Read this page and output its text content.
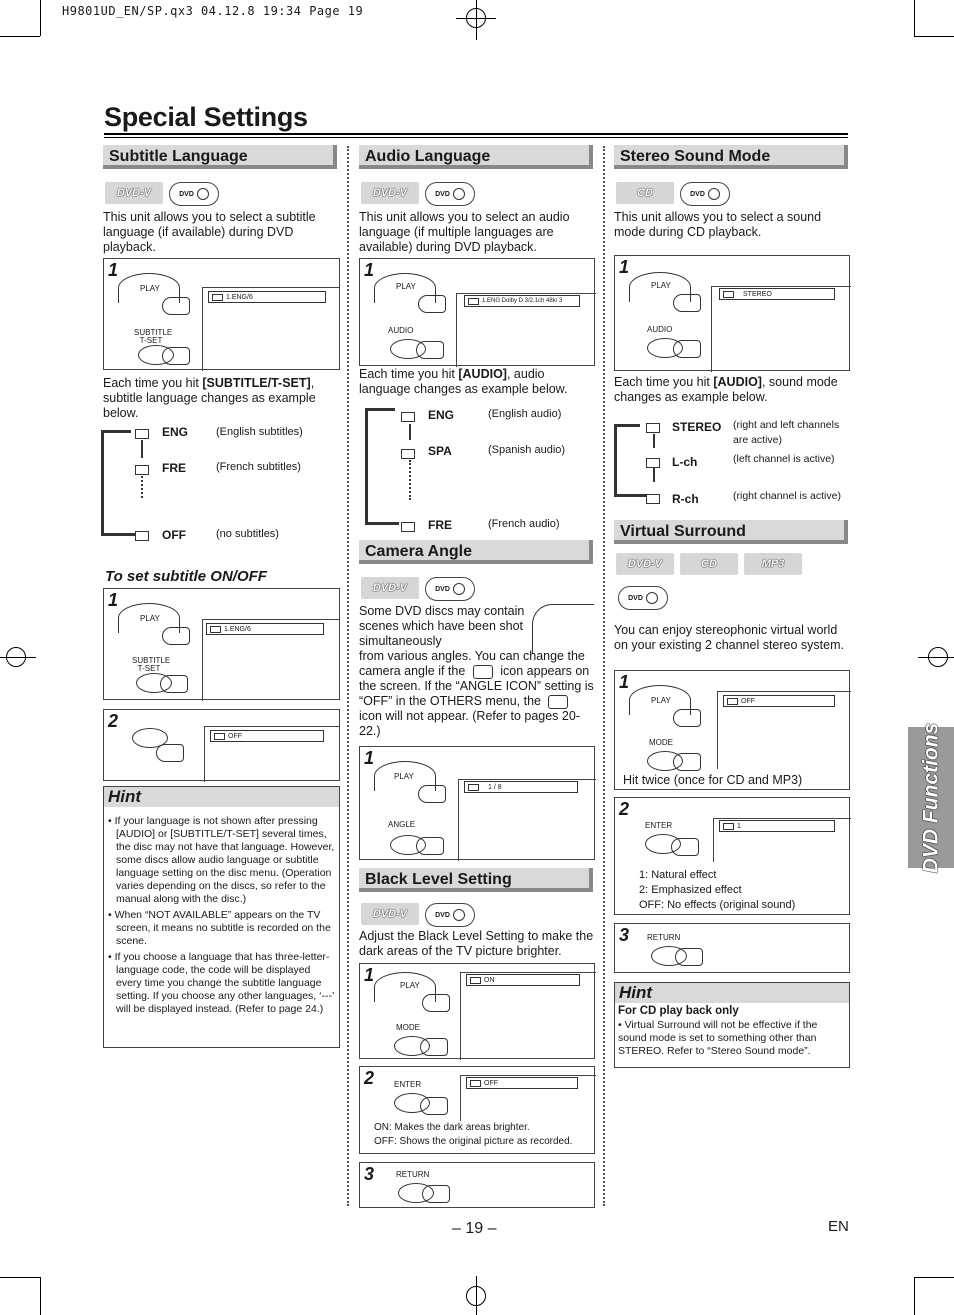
H9801UD_EN/SP.qx3 04.12.8 19:34 Page 19
Special Settings
DVD Functions
Subtitle Language
DVD-V	DVD
This unit allows you to select a subtitle language (if available) during DVD playback.
1
PLAY
SUBTITLE T-SET
1.ENG/6
Each time you hit [SUBTITLE/T-SET], subtitle language changes as example below.
ENG	(English subtitles)
FRE	(French subtitles)
OFF	(no subtitles)
To set subtitle ON/OFF
1
PLAY
SUBTITLE T-SET
1.ENG/6
2
OFF
Hint
• If your language is not shown after pressing [AUDIO] or [SUBTITLE/T-SET] several times, the disc may not have that language. However, some discs allow audio language or subtitle language setting on the disc menu. (Operation varies depending on the discs, so refer to the manual along with the disc.)
• When “NOT AVAILABLE” appears on the TV screen, it means no subtitle is recorded on the scene.
• If you choose a language that has three-letter-language code, the code will be displayed every time you change the subtitle language setting. If you choose any other languages, ‘---’ will be displayed instead. (Refer to page 24.)
Audio Language
DVD-V	DVD
This unit allows you to select an audio language (if multiple languages are available) during DVD playback.
1
PLAY
AUDIO
1.ENG Dolby D 3/2.1ch 48k/ 3
Each time you hit [AUDIO], audio language changes as example below.
ENG	(English audio)
SPA	(Spanish audio)
FRE	(French audio)
Camera Angle
DVD-V	DVD
Some DVD discs may contain scenes which have been shot simultaneously
from various angles. You can change the camera angle if the	icon appears on the screen. If the “ANGLE ICON” setting is “OFF” in the OTHERS menu, the  icon will not appear. (Refer to pages 20-22.)
1
PLAY
ANGLE
1 / 8
Black Level Setting
DVD-V	DVD
Adjust the Black Level Setting to make the dark areas of the TV picture brighter.
1
PLAY
MODE
ON
2 ENTER	OFF
ON: Makes the dark areas brighter.
OFF: Shows the original picture as recorded.
3	RETURN
Stereo Sound Mode
CD	DVD
This unit allows you to select a sound mode during CD playback.
1
PLAY
AUDIO
STEREO
Each time you hit [AUDIO], sound mode changes as example below.
STEREO (right and left channels are active)
L-ch	(left channel is active)
R-ch	(right channel is active)
Virtual Surround
DVD-V	CD	MP3
DVD
You can enjoy stereophonic virtual world on your existing 2 channel stereo system.
1
PLAY
MODE
OFF
Hit twice (once for CD and MP3)
2
ENTER	1
1: Natural effect
2: Emphasized effect
OFF: No effects (original sound)
3 RETURN
Hint
For CD play back only
• Virtual Surround will not be effective if the sound mode is set to something other than STEREO. Refer to “Stereo Sound mode”.
– 19 –	EN
